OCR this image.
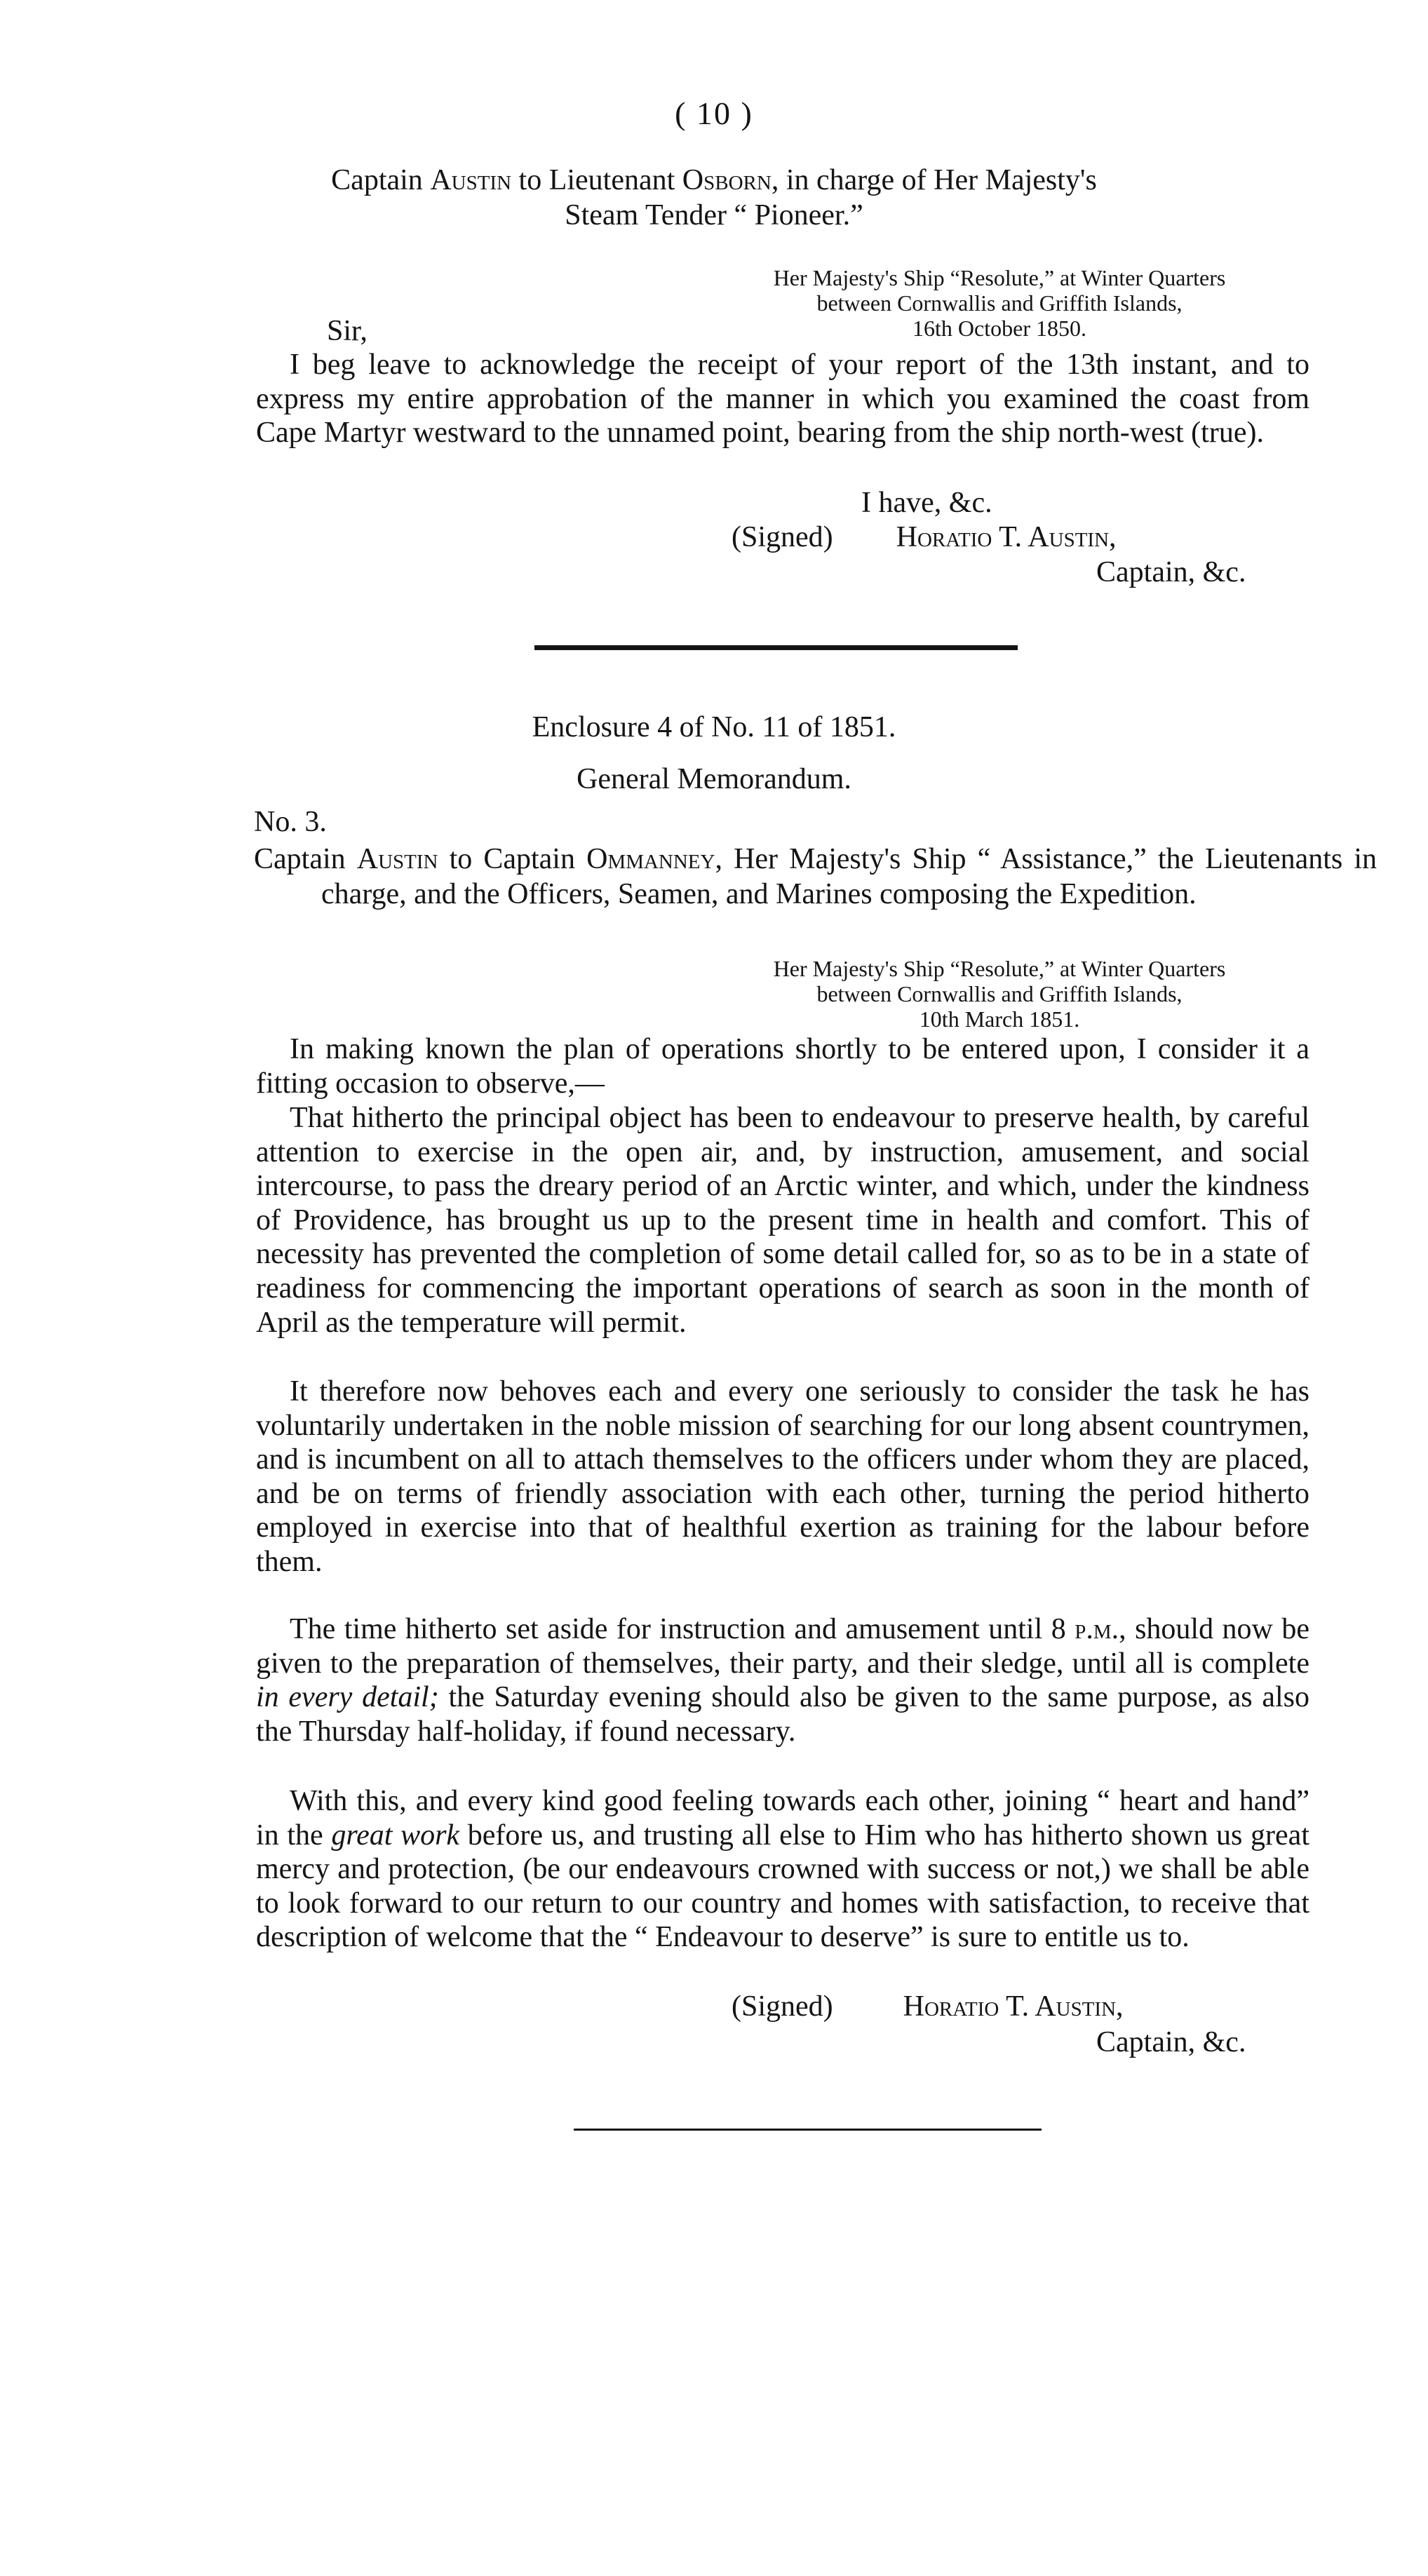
( 10 )

Captain Austin to Lieutenant Osborn, in charge of Her Majesty's
Steam Tender “ Pioneer.”
Her Majesty's Ship “Resolute,” at Winter Quarters
between Cornwallis and Griffith Islands,
16th October 1850.

Sir,

I beg leave to acknowledge the receipt of your report of the 13th instant, and to express my entire approbation of the manner in which you examined the coast from Cape Martyr westward to the unnamed point, bearing from the ship north-west (true).

I have, &c.

(Signed) Horatio T. Austin,

Captain, &c.

Enclosure 4 of No. 11 of 1851.

General Memorandum.

No. 3.

Captain Austin to Captain Ommanney, Her Majesty's Ship “ Assistance,” the Lieutenants in charge, and the Officers, Seamen, and Marines composing the Expedition.

Her Majesty's Ship “Resolute,” at Winter Quarters
between Cornwallis and Griffith Islands,
10th March 1851.

In making known the plan of operations shortly to be entered upon, I consider it a fitting occasion to observe,—

That hitherto the principal object has been to endeavour to preserve health, by careful attention to exercise in the open air, and, by instruction, amusement, and social intercourse, to pass the dreary period of an Arctic winter, and which, under the kindness of Providence, has brought us up to the present time in health and comfort. This of necessity has prevented the completion of some detail called for, so as to be in a state of readiness for commencing the important operations of search as soon in the month of April as the temperature will permit.

It therefore now behoves each and every one seriously to consider the task he has voluntarily undertaken in the noble mission of searching for our long absent countrymen, and is incumbent on all to attach themselves to the officers under whom they are placed, and be on terms of friendly association with each other, turning the period hitherto employed in exercise into that of healthful exertion as training for the labour before them.

The time hitherto set aside for instruction and amusement until 8 p.m., should now be given to the preparation of themselves, their party, and their sledge, until all is complete in every detail; the Saturday evening should also be given to the same purpose, as also the Thursday half-holiday, if found necessary.

With this, and every kind good feeling towards each other, joining “ heart and hand” in the great work before us, and trusting all else to Him who has hitherto shown us great mercy and protection, (be our endeavours crowned with success or not,) we shall be able to look forward to our return to our country and homes with satisfaction, to receive that description of welcome that the “ Endeavour to deserve” is sure to entitle us to.

(Signed) Horatio T. Austin,

Captain, &c.
